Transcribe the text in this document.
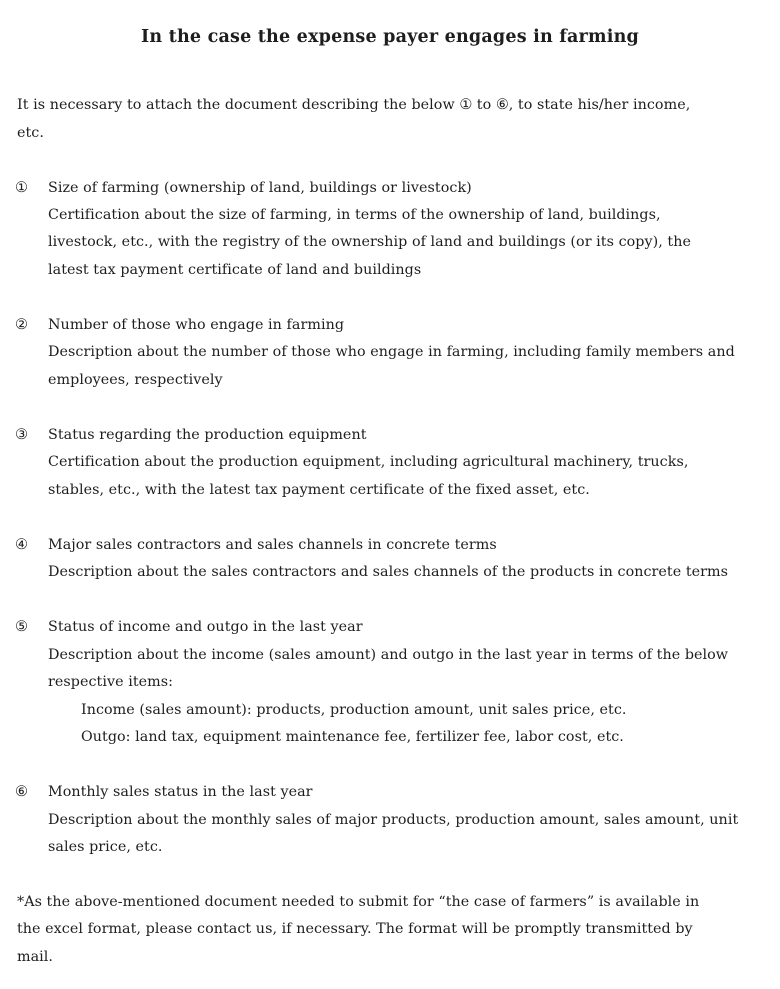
In the case the expense payer engages in farming
It is necessary to attach the document describing the below ① to ⑥, to state his/her income,
etc.
① Size of farming (ownership of land, buildings or livestock)
Certification about the size of farming, in terms of the ownership of land, buildings,
livestock, etc., with the registry of the ownership of land and buildings (or its copy), the
latest tax payment certificate of land and buildings
② Number of those who engage in farming
Description about the number of those who engage in farming, including family members and
employees, respectively
③ Status regarding the production equipment
Certification about the production equipment, including agricultural machinery, trucks,
stables, etc., with the latest tax payment certificate of the fixed asset, etc.
④ Major sales contractors and sales channels in concrete terms
Description about the sales contractors and sales channels of the products in concrete terms
⑤ Status of income and outgo in the last year
Description about the income (sales amount) and outgo in the last year in terms of the below
respective items:
Income (sales amount): products, production amount, unit sales price, etc.
Outgo: land tax, equipment maintenance fee, fertilizer fee, labor cost, etc.
⑥ Monthly sales status in the last year
Description about the monthly sales of major products, production amount, sales amount, unit
sales price, etc.
*As the above-mentioned document needed to submit for “the case of farmers” is available in
the excel format, please contact us, if necessary. The format will be promptly transmitted by
mail.
